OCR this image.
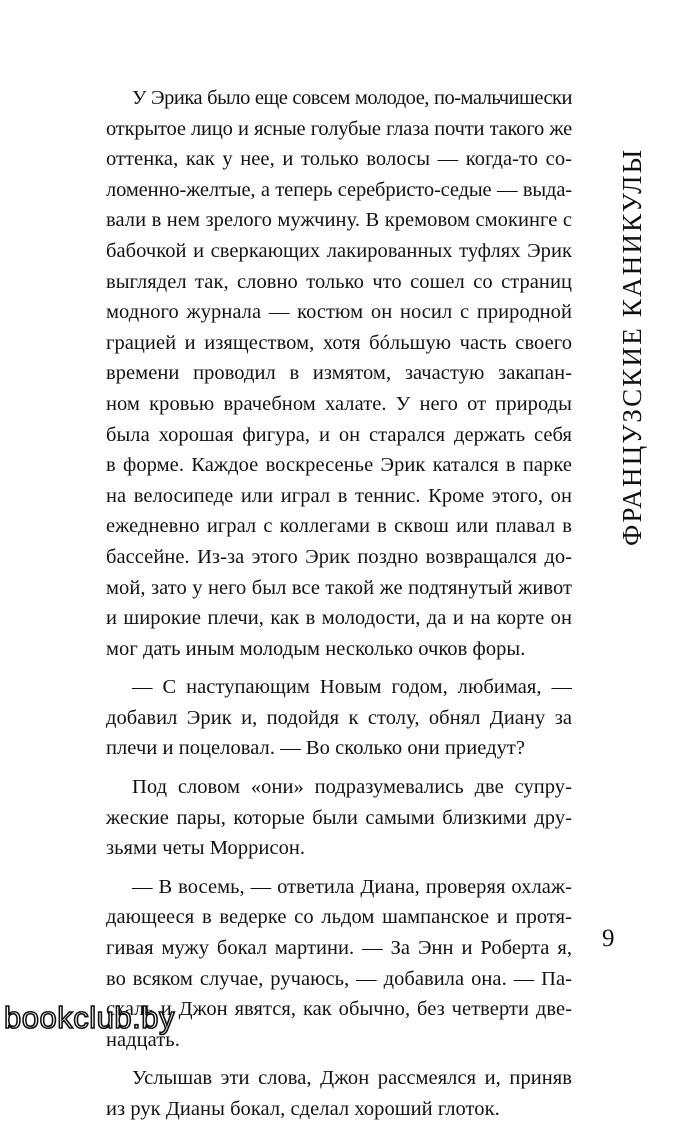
ФРАНЦУЗСКИЕ КАНИКУЛЫ
У Эрика было еще совсем молодое, по-мальчишески
открытое лицо и ясные голубые глаза почти такого же
оттенка, как у нее, и только волосы — когда-то со-
ломенно-желтые, а теперь серебристо-седые — выда-
вали в нем зрелого мужчину. В кремовом смокинге с
бабочкой и сверкающих лакированных туфлях Эрик
выглядел так, словно только что сошел со страниц
модного журнала — костюм он носил с природной
грацией и изяществом, хотя бóльшую часть своего
времени проводил в измятом, зачастую закапан-
ном кровью врачебном халате. У него от природы
была хорошая фигура, и он старался держать себя
в форме. Каждое воскресенье Эрик катался в парке
на велосипеде или играл в теннис. Кроме этого, он
ежедневно играл с коллегами в сквош или плавал в
бассейне. Из-за этого Эрик поздно возвращался до-
мой, зато у него был все такой же подтянутый живот
и широкие плечи, как в молодости, да и на корте он
мог дать иным молодым несколько очков форы.
— С наступающим Новым годом, любимая, —
добавил Эрик и, подойдя к столу, обнял Диану за
плечи и поцеловал. — Во сколько они приедут?
Под словом «они» подразумевались две супру-
жеские пары, которые были самыми близкими дру-
зьями четы Моррисон.
— В восемь, — ответила Диана, проверяя охлаж-
дающееся в ведерке со льдом шампанское и протя-
гивая мужу бокал мартини. — За Энн и Роберта я,
во всяком случае, ручаюсь, — добавила она. — Па-
скаль и Джон явятся, как обычно, без четверти две-
надцать.
Услышав эти слова, Джон рассмеялся и, приняв
из рук Дианы бокал, сделал хороший глоток.
9
bookclub.by
